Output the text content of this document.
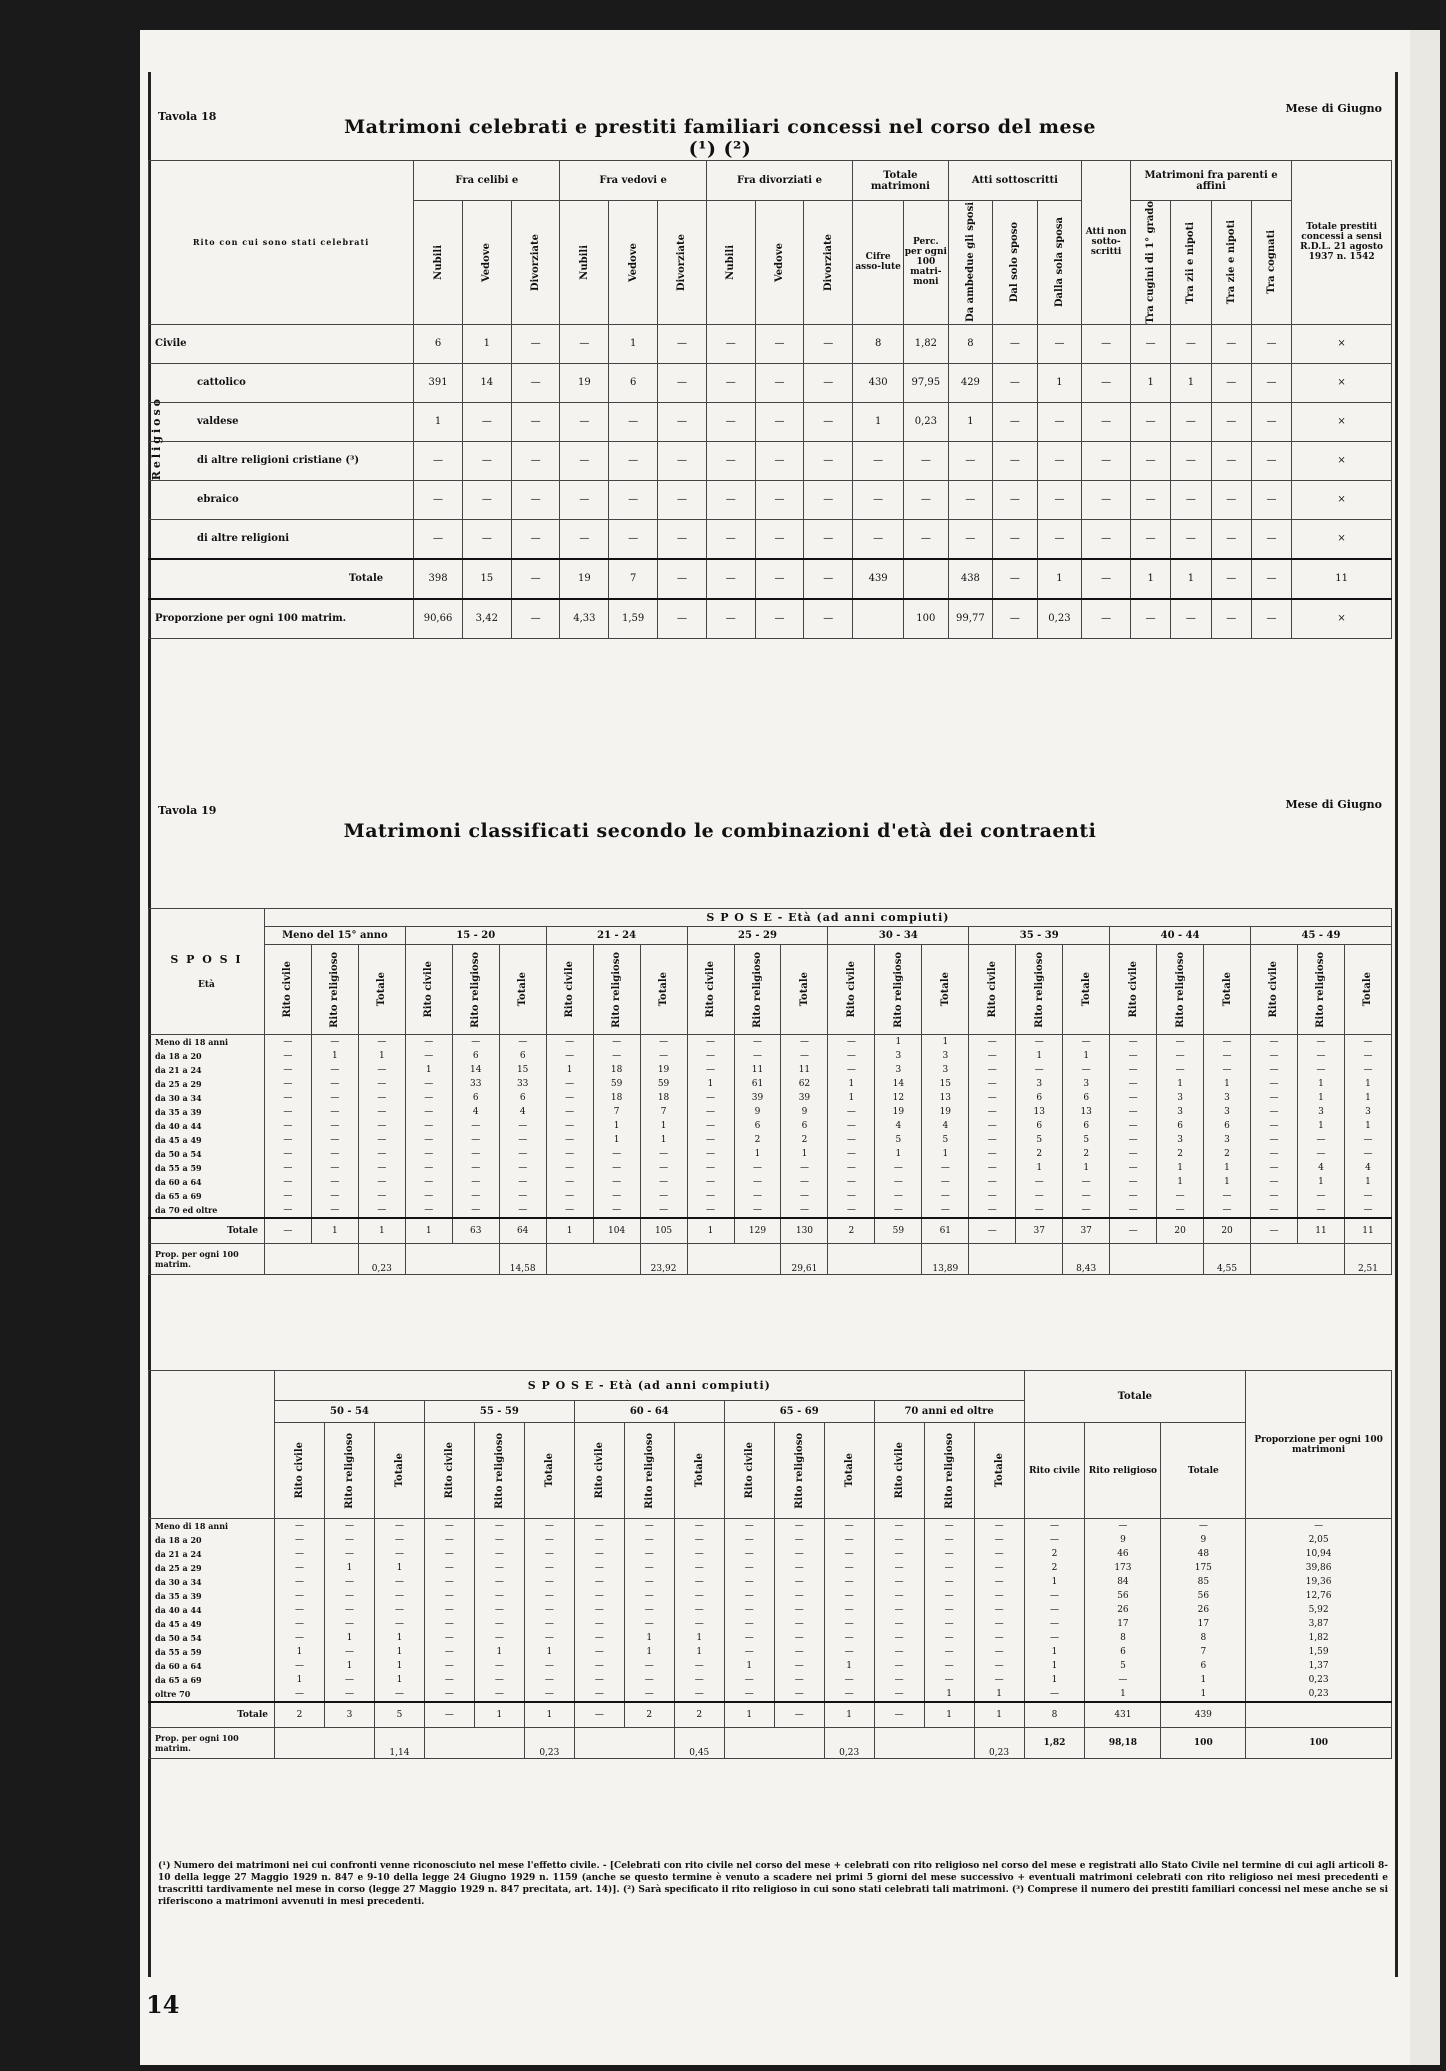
Tavola 18
Mese di Giugno
Matrimoni celebrati e prestiti familiari concessi nel corso del mese (¹) (²)
Rito con cui sono stati celebrati	Fra celibi e			Fra vedovi e			Fra divorziati e			Totale matrimoni		Atti sottoscritti			Atti non sotto-scritti	Matrimoni fra parenti e affini				Totale prestiti concessi a sensi R.D.L. 21 agosto 1937 n. 1542

	Nubili	Vedove	Divorziate	Nubili	Vedove	Divorziate	Nubili	Vedove	Divorziate	Cifre asso-lute	Perc. per ogni 100 matri-moni	Da ambedue gli sposi	Dal solo sposo	Dalla sola sposa		Tra cugini di 1° grado	Tra zii e nipoti	Tra zie e nipoti	Tra cognati	

Civile	6	1	—	—	1	—	—	—	—	8	1,82	8	—	—	—	—	—	—	—	×
cattolico	391	14	—	19	6	—	—	—	—	430	97,95	429	—	1	—	1	1	—	—	×
valdese	1	—	—	—	—	—	—	—	—	1	0,23	1	—	—	—	—	—	—	—	×
di altre religioni cristiane (³)	—	—	—	—	—	—	—	—	—	—	—	—	—	—	—	—	—	—	—	×
ebraico	—	—	—	—	—	—	—	—	—	—	—	—	—	—	—	—	—	—	—	×
di altre religioni	—	—	—	—	—	—	—	—	—	—	—	—	—	—	—	—	—	—	—	×
Totale	398	15	—	19	7	—	—	—	—	439		438	—	1	—	1	1	—	—	11
Proporzione per ogni 100 matrim.	90,66	3,42	—	4,33	1,59	—	—	—	—		100	99,77	—	0,23	—	—	—	—	—	×
Tavola 19	Mese di Giugno
Matrimoni classificati secondo le combinazioni d'età dei contraenti
S P O S I
Età	S P O S E - Età (ad anni compiuti)																							
	Meno del 15° anno			15 - 20			21 - 24			25 - 29			30 - 34			35 - 39			40 - 44			45 - 49		

	Rito civile	Rito religioso	Totale	Rito civile	Rito religioso	Totale	Rito civile	Rito religioso	Totale	Rito civile	Rito religioso	Totale	Rito civile	Rito religioso	Totale	Rito civile	Rito religioso	Totale	Rito civile	Rito religioso	Totale	Rito civile	Rito religioso	Totale

Meno di 18 anni	—	—	—	—	—	—	—	—	—	—	—	—	—	1	1	—	—	—	—	—	—	—	—	—
da 18 a 20	—	1	1	—	6	6	—	—	—	—	—	—	—	3	3	—	1	1	—	—	—	—	—	—
da 21 a 24	—	—	—	1	14	15	1	18	19	—	11	11	—	3	3	—	—	—	—	—	—	—	—	—
da 25 a 29	—	—	—	—	33	33	—	59	59	1	61	62	1	14	15	—	3	3	—	1	1	—	1	1
da 30 a 34	—	—	—	—	6	6	—	18	18	—	39	39	1	12	13	—	6	6	—	3	3	—	1	1
da 35 a 39	—	—	—	—	4	4	—	7	7	—	9	9	—	19	19	—	13	13	—	3	3	—	3	3
da 40 a 44	—	—	—	—	—	—	—	1	1	—	6	6	—	4	4	—	6	6	—	6	6	—	1	1
da 45 a 49	—	—	—	—	—	—	—	1	1	—	2	2	—	5	5	—	5	5	—	3	3	—	—	—
da 50 a 54	—	—	—	—	—	—	—	—	—	—	1	1	—	1	1	—	2	2	—	2	2	—	—	—
da 55 a 59	—	—	—	—	—	—	—	—	—	—	—	—	—	—	—	—	1	1	—	1	1	—	4	4
da 60 a 64	—	—	—	—	—	—	—	—	—	—	—	—	—	—	—	—	—	—	—	1	1	—	1	1
da 65 a 69	—	—	—	—	—	—	—	—	—	—	—	—	—	—	—	—	—	—	—	—	—	—	—	—
da 70 ed oltre	—	—	—	—	—	—	—	—	—	—	—	—	—	—	—	—	—	—	—	—	—	—	—	—
Totale	—	1	1	1	63	64	1	104	105	1	129	130	2	59	61	—	37	37	—	20	20	—	11	11
Prop. per ogni 100 matrim.			0,23			14,58			23,92			29,61			13,89			8,43			4,55			2,51
	S P O S E - Età (ad anni compiuti)															Totale			Proporzione per ogni 100 matrimoni
	50 - 54			55 - 59			60 - 64			65 - 69			70 anni ed oltre						

	Rito civile	Rito religioso	Totale	Rito civile	Rito religioso	Totale	Rito civile	Rito religioso	Totale	Rito civile	Rito religioso	Totale	Rito civile	Rito religioso	Totale	Rito civile	Rito religioso	Totale	
Meno di 18 anni	—	—	—	—	—	—	—	—	—	—	—	—	—	—	—	—	—	—	—
da 18 a 20	—	—	—	—	—	—	—	—	—	—	—	—	—	—	—	—	9	9	2,05
da 21 a 24	—	—	—	—	—	—	—	—	—	—	—	—	—	—	—	2	46	48	10,94
da 25 a 29	—	1	1	—	—	—	—	—	—	—	—	—	—	—	—	2	173	175	39,86
da 30 a 34	—	—	—	—	—	—	—	—	—	—	—	—	—	—	—	1	84	85	19,36
da 35 a 39	—	—	—	—	—	—	—	—	—	—	—	—	—	—	—	—	56	56	12,76
da 40 a 44	—	—	—	—	—	—	—	—	—	—	—	—	—	—	—	—	26	26	5,92
da 45 a 49	—	—	—	—	—	—	—	—	—	—	—	—	—	—	—	—	17	17	3,87
da 50 a 54	—	1	1	—	—	—	—	1	1	—	—	—	—	—	—	—	8	8	1,82
da 55 a 59	1	—	1	—	1	1	—	1	1	—	—	—	—	—	—	1	6	7	1,59
da 60 a 64	—	1	1	—	—	—	—	—	—	1	—	1	—	—	—	1	5	6	1,37
da 65 a 69	1	—	1	—	—	—	—	—	—	—	—	—	—	—	—	1	—	1	0,23
oltre 70	—	—	—	—	—	—	—	—	—	—	—	—	—	1	1	—	1	1	0,23
Totale	2	3	5	—	1	1	—	2	2	1	—	1	—	1	1	8	431	439	
Prop. per ogni 100 matrim.			1,14			0,23			0,45			0,23			0,23	1,82	98,18	100	100
(¹) Numero dei matrimoni nei cui confronti venne riconosciuto nel mese l'effetto civile. - [Celebrati con rito civile nel corso del mese + celebrati con rito religioso nel corso del mese e registrati allo Stato Civile nel termine di cui agli articoli 8-10 della legge 27 Maggio 1929 n. 847 e 9-10 della legge 24 Giugno 1929 n. 1159 (anche se questo termine è venuto a scadere nei primi 5 giorni del mese successivo + eventuali matrimoni celebrati con rito religioso nei mesi precedenti e trascritti tardivamente nel mese in corso (legge 27 Maggio 1929 n. 847 precitata, art. 14)]. (²) Sarà specificato il rito religioso in cui sono stati celebrati tali matrimoni. (³) Comprese il numero dei prestiti familiari concessi nel mese anche se si riferiscono a matrimoni avvenuti in mesi precedenti.
14
Religioso
